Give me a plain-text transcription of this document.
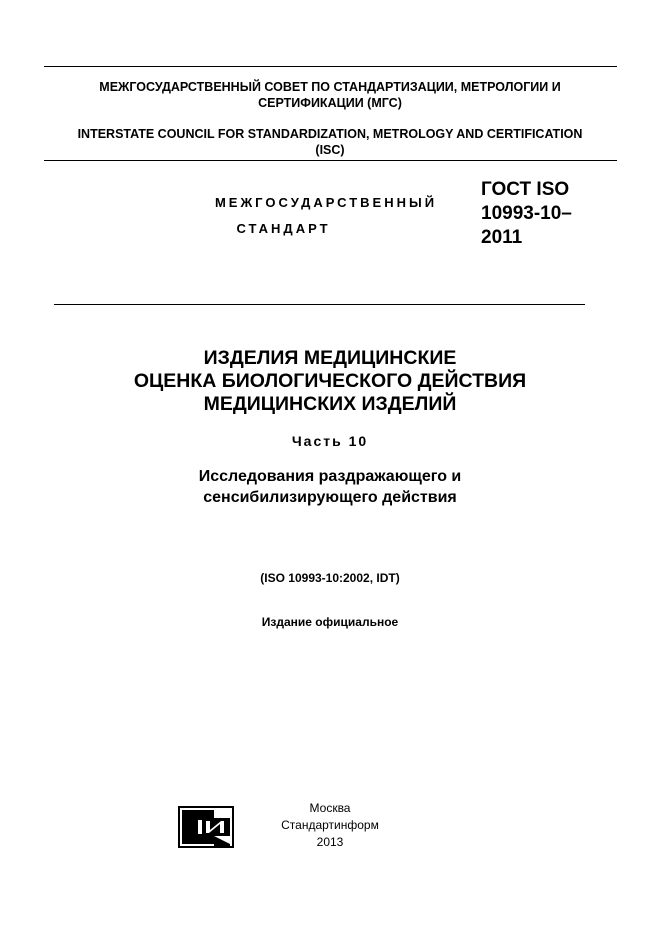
МЕЖГОСУДАРСТВЕННЫЙ СОВЕТ ПО СТАНДАРТИЗАЦИИ, МЕТРОЛОГИИ И СЕРТИФИКАЦИИ (МГС)
INTERSTATE COUNCIL FOR STANDARDIZATION, METROLOGY AND CERTIFICATION (ISC)
МЕЖГОСУДАРСТВЕННЫЙ
СТАНДАРТ
ГОСТ ISO
10993-10–
2011
ИЗДЕЛИЯ МЕДИЦИНСКИЕ
ОЦЕНКА БИОЛОГИЧЕСКОГО ДЕЙСТВИЯ
МЕДИЦИНСКИХ ИЗДЕЛИЙ
Часть 10
Исследования раздражающего и
сенсибилизирующего действия
(ISO 10993-10:2002, IDT)
Издание официальное
Москва
Стандартинформ
2013
